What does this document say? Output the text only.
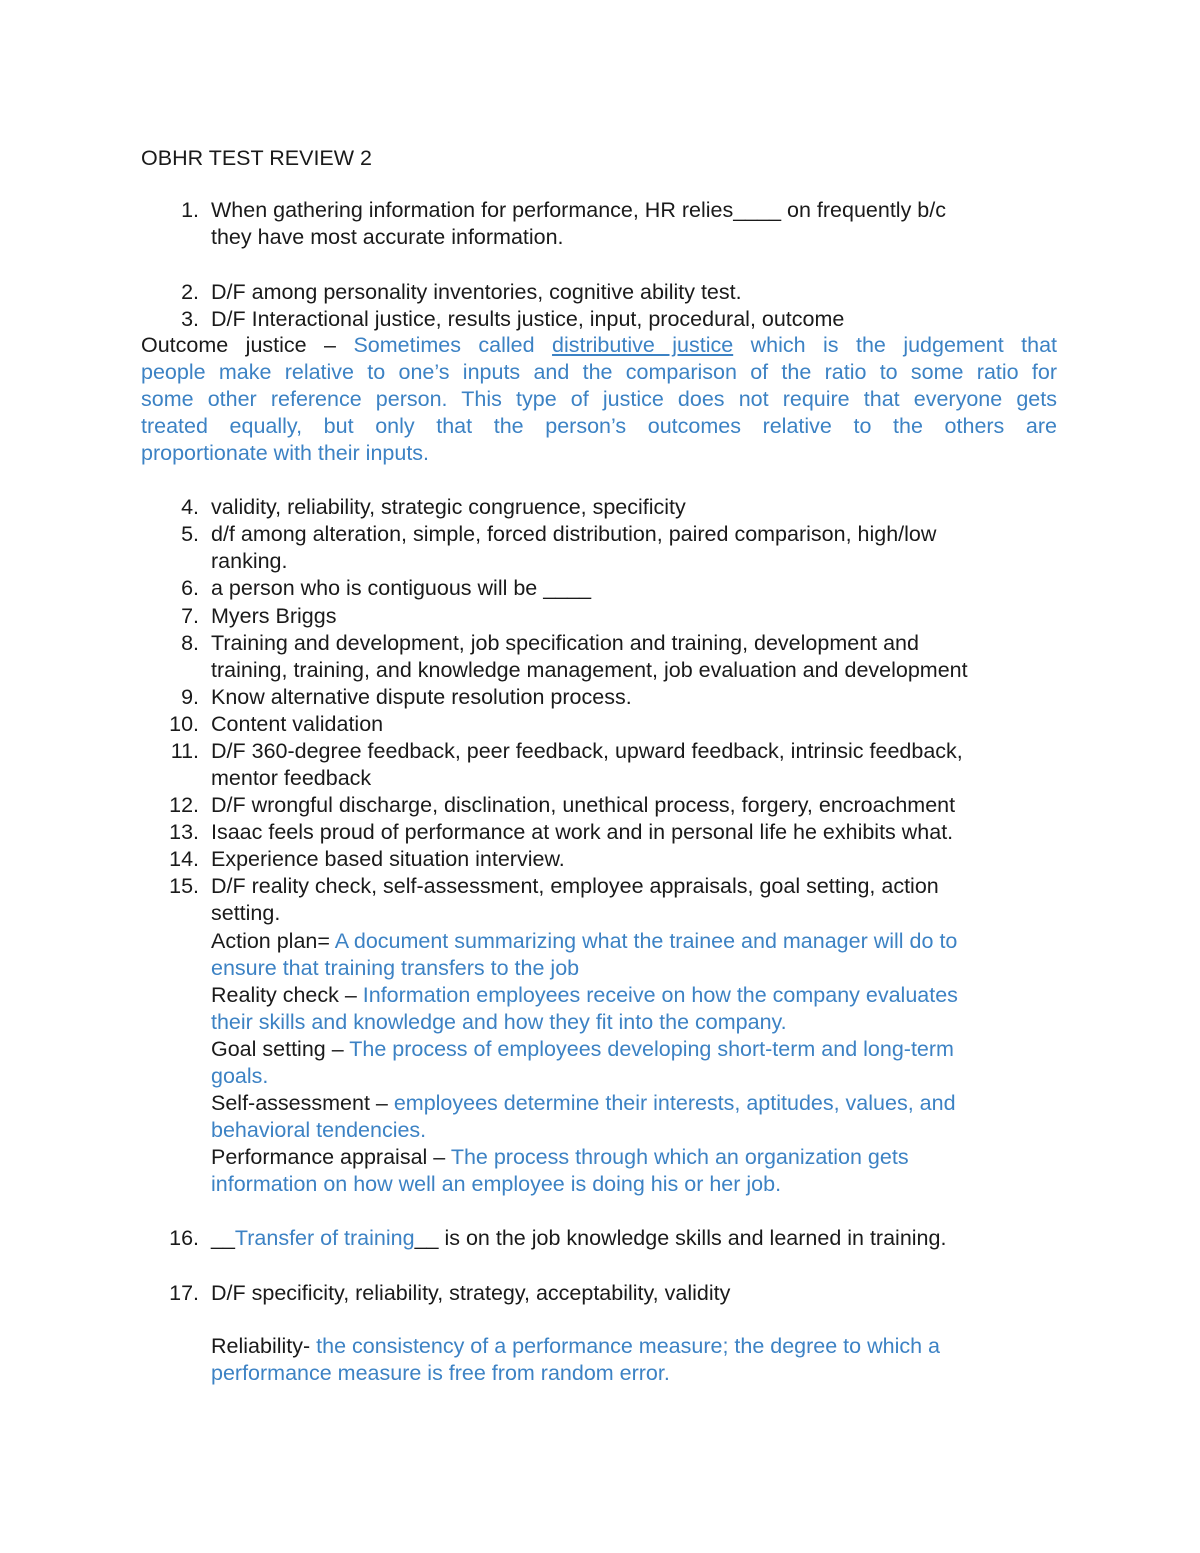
OBHR TEST REVIEW 2
1. When gathering information for performance, HR relies____ on frequently b/c
they have most accurate information.
2. D/F among personality inventories, cognitive ability test.
3. D/F Interactional justice, results justice, input, procedural, outcome
Outcome justice – Sometimes called distributive justice which is the judgement that
people make relative to one’s inputs and the comparison of the ratio to some ratio for
some other reference person. This type of justice does not require that everyone gets
treated equally, but only that the person’s outcomes relative to the others are
proportionate with their inputs.
4. validity, reliability, strategic congruence, specificity
5. d/f among alteration, simple, forced distribution, paired comparison, high/low
ranking.
6. a person who is contiguous will be ____
7. Myers Briggs
8. Training and development, job specification and training, development and
training, training, and knowledge management, job evaluation and development
9. Know alternative dispute resolution process.
10. Content validation
11. D/F 360-degree feedback, peer feedback, upward feedback, intrinsic feedback,
mentor feedback
12. D/F wrongful discharge, disclination, unethical process, forgery, encroachment
13. Isaac feels proud of performance at work and in personal life he exhibits what.
14. Experience based situation interview.
15. D/F reality check, self-assessment, employee appraisals, goal setting, action
setting.
Action plan= A document summarizing what the trainee and manager will do to
ensure that training transfers to the job
Reality check – Information employees receive on how the company evaluates
their skills and knowledge and how they fit into the company.
Goal setting – The process of employees developing short-term and long-term
goals.
Self-assessment – employees determine their interests, aptitudes, values, and
behavioral tendencies.
Performance appraisal – The process through which an organization gets
information on how well an employee is doing his or her job.
16. __Transfer of training__ is on the job knowledge skills and learned in training.
17. D/F specificity, reliability, strategy, acceptability, validity
Reliability- the consistency of a performance measure; the degree to which a
performance measure is free from random error.
